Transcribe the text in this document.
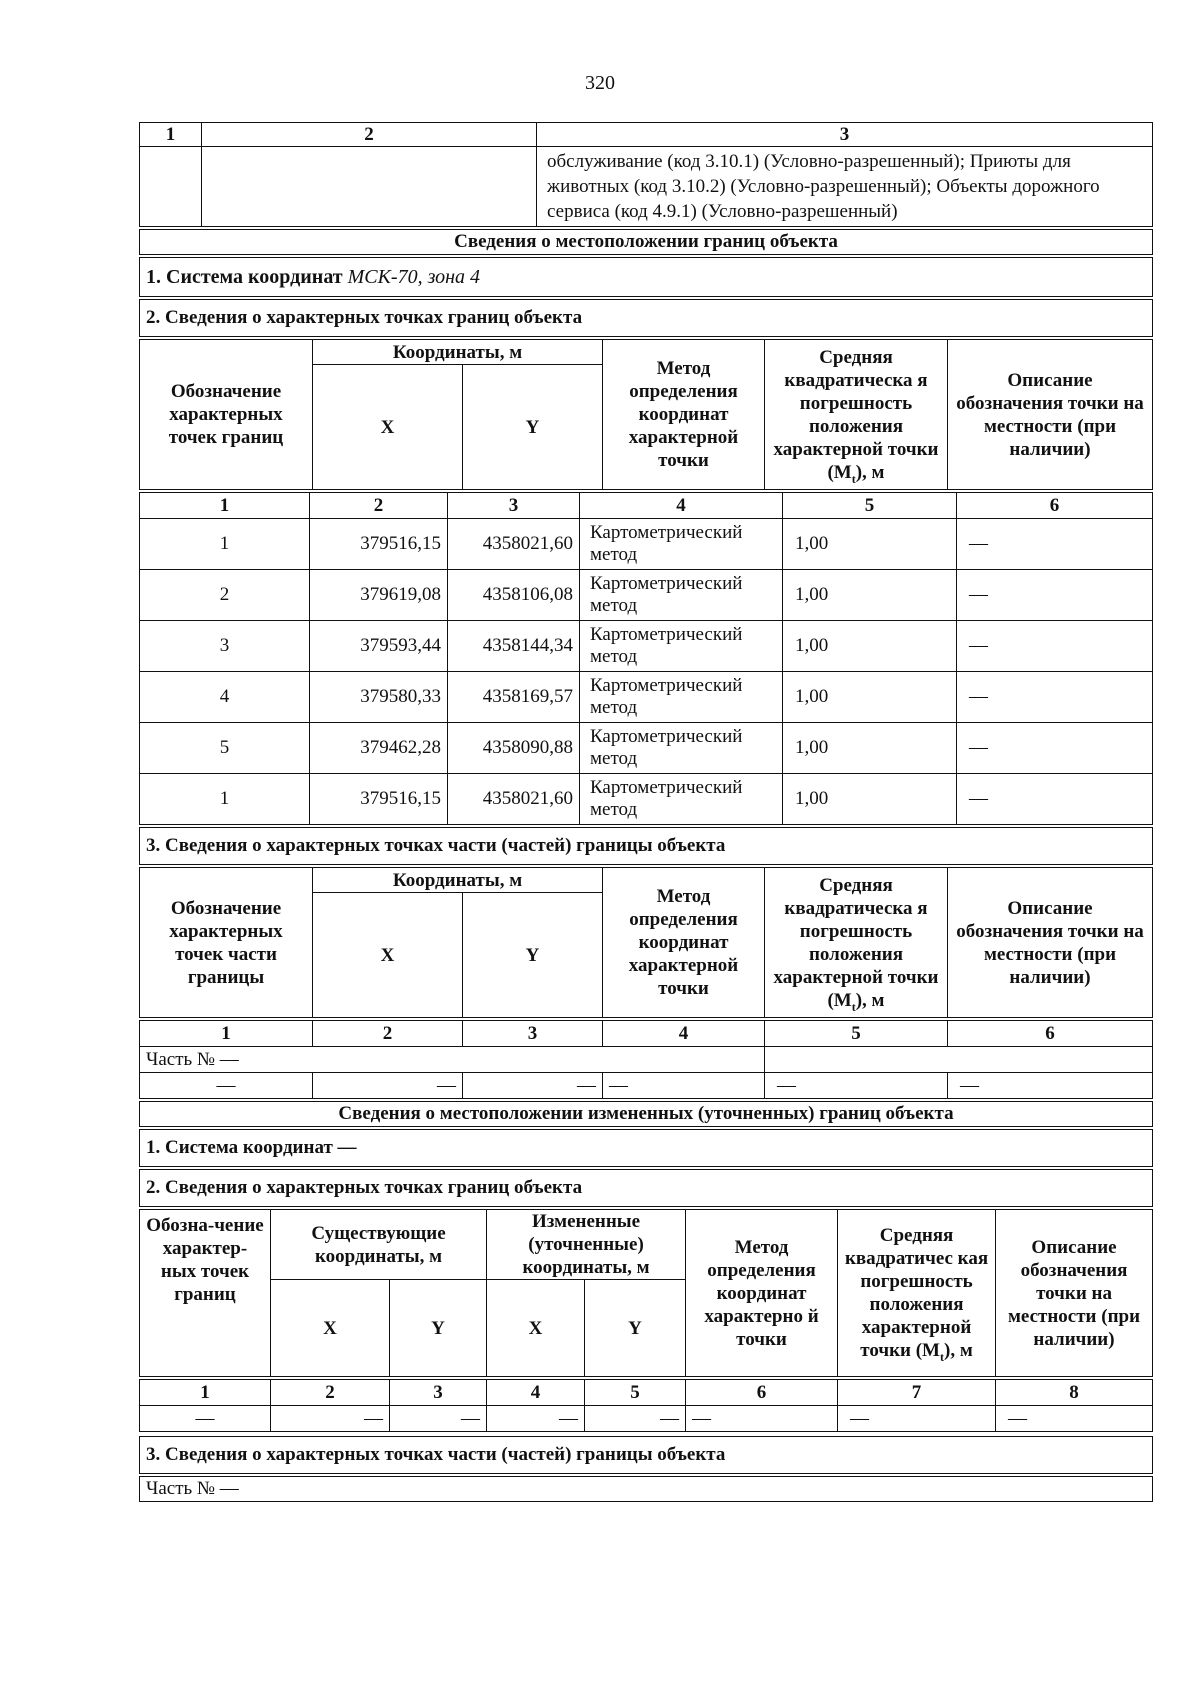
320
1	2	3
		обслуживание (код 3.10.1) (Условно-разрешенный); Приюты для животных (код 3.10.2) (Условно-разрешенный); Объекты дорожного сервиса (код 4.9.1) (Условно-разрешенный)
Сведения о местоположении границ объекта
1. Система координат МСК-70, зона 4
2. Сведения о характерных точках границ объекта
Обозначение характерных точек границ	Координаты, м		Метод определения координат характерной точки	Средняя квадратическа я погрешность положения характерной точки $(M_t)$, м	Описание обозначения точки на местности (при наличии)
	X	Y			
1	2	3	4	5	6
1	379516,15	4358021,60	Картометрический метод	1,00	—
2	379619,08	4358106,08	Картометрический метод	1,00	—
3	379593,44	4358144,34	Картометрический метод	1,00	—
4	379580,33	4358169,57	Картометрический метод	1,00	—
5	379462,28	4358090,88	Картометрический метод	1,00	—
1	379516,15	4358021,60	Картометрический метод	1,00	—
3. Сведения о характерных точках части (частей) границы объекта
Обозначение характерных точек части границы	Координаты, м		Метод определения координат характерной точки	Средняя квадратическа я погрешность положения характерной точки $(M_t)$, м	Описание обозначения точки на местности (при наличии)
	X	Y			
1	2	3	4	5	6
Часть № —					
—	—	—	—	—	—
Сведения о местоположении измененных (уточненных) границ объекта
1. Система координат —
2. Сведения о характерных точках границ объекта
Обозна-чение характер-ных точек границ	Существующие координаты, м		Измененные (уточненные) координаты, м		Метод определения координат характерно й точки	Средняя квадратичес кая погрешность положения характерной точки $(M_t)$, м	Описание обозначения точки на местности (при наличии)
	X	Y	X	Y			
1	2	3	4	5	6	7	8
—	—	—	—	—	—	—	—
3. Сведения о характерных точках части (частей) границы объекта
Часть № —
